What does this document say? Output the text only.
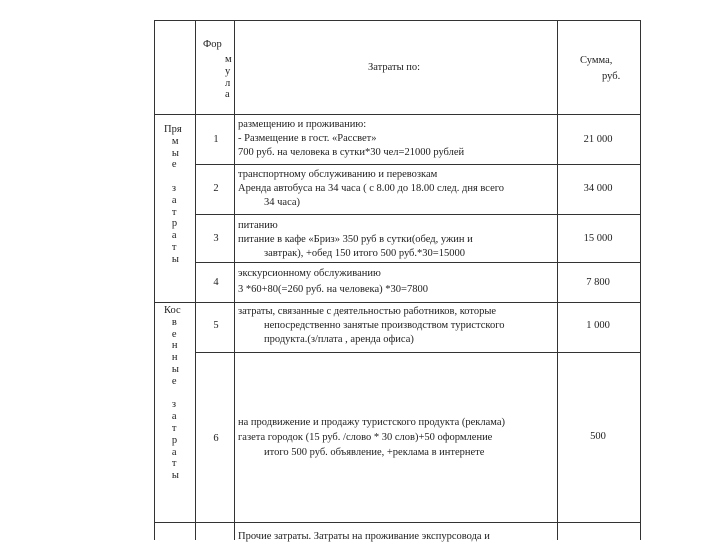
Фор
м
у
л
а
Затраты по:
Сумма,
руб.
Пря
м
ы
е

з
а
т
р
а
т
ы
Кос
в
е
н
н
ы
е

з
а
т
р
а
т
ы
1
размещению и проживанию:
- Размещение в гост. «Рассвет»
700 руб. на человека в сутки*30 чел=21000 рублей
21 000
2
транспортному обслуживанию и перевозкам
Аренда автобуса на 34 часа ( с 8.00 до 18.00 след. дня всего
34 часа)
34 000
3
питанию
питание в кафе «Бриз» 350 руб в сутки(обед, ужин и
завтрак), +обед 150 итого 500 руб.*30=15000
15 000
4
экскурсионному обслуживанию
3 *60+80(=260 руб. на человека) *30=7800
7 800
5
затраты, связанные с деятельностью работников, которые
непосредственно занятые производством туристского
продукта.(з/плата , аренда офиса)
1 000
6
на продвижение и продажу туристского продукта (реклама)
газета городок (15 руб. /слово * 30 слов)+50 оформление
итого 500 руб. объявление, +реклама в интернете
500
Прочие затраты. Затраты на проживание экспурсовода и
